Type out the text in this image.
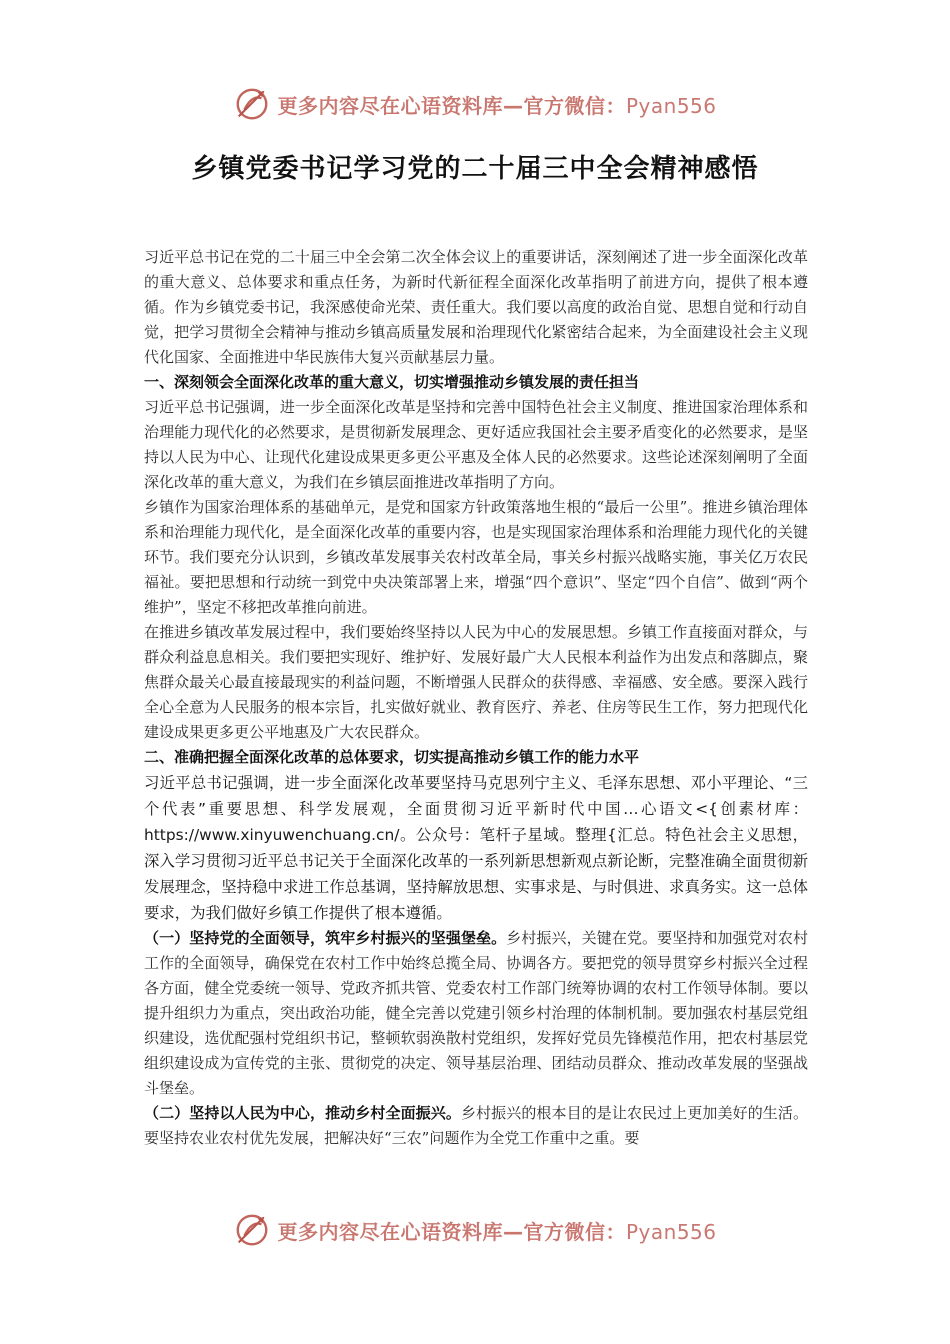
更多内容尽在心语资料库—官方微信：Pyan556
乡镇党委书记学习党的二十届三中全会精神感悟

习近平总书记在党的二十届三中全会第二次全体会议上的重要讲话，深刻阐述了进一步全面深化改革的重大意义、总体要求和重点任务，为新时代新征程全面深化改革指明了前进方向，提供了根本遵循。作为乡镇党委书记，我深感使命光荣、责任重大。我们要以高度的政治自觉、思想自觉和行动自觉，把学习贯彻全会精神与推动乡镇高质量发展和治理现代化紧密结合起来，为全面建设社会主义现代化国家、全面推进中华民族伟大复兴贡献基层力量。

一、深刻领会全面深化改革的重大意义，切实增强推动乡镇发展的责任担当

习近平总书记强调，进一步全面深化改革是坚持和完善中国特色社会主义制度、推进国家治理体系和治理能力现代化的必然要求，是贯彻新发展理念、更好适应我国社会主要矛盾变化的必然要求，是坚持以人民为中心、让现代化建设成果更多更公平惠及全体人民的必然要求。这些论述深刻阐明了全面深化改革的重大意义，为我们在乡镇层面推进改革指明了方向。

乡镇作为国家治理体系的基础单元，是党和国家方针政策落地生根的“最后一公里”。推进乡镇治理体系和治理能力现代化，是全面深化改革的重要内容，也是实现国家治理体系和治理能力现代化的关键环节。我们要充分认识到，乡镇改革发展事关农村改革全局，事关乡村振兴战略实施，事关亿万农民福祉。要把思想和行动统一到党中央决策部署上来，增强“四个意识”、坚定“四个自信”、做到“两个维护”，坚定不移把改革推向前进。

在推进乡镇改革发展过程中，我们要始终坚持以人民为中心的发展思想。乡镇工作直接面对群众，与群众利益息息相关。我们要把实现好、维护好、发展好最广大人民根本利益作为出发点和落脚点，聚焦群众最关心最直接最现实的利益问题，不断增强人民群众的获得感、幸福感、安全感。要深入践行全心全意为人民服务的根本宗旨，扎实做好就业、教育医疗、养老、住房等民生工作，努力把现代化建设成果更多更公平地惠及广大农民群众。

二、准确把握全面深化改革的总体要求，切实提高推动乡镇工作的能力水平

习近平总书记强调，进一步全面深化改革要坚持马克思列宁主义、毛泽东思想、邓小平理论、“三个代表”重要思想、科学发展观，全面贯彻习近平新时代中国…心语文<{创素材库：https://www.xinyuwenchuang.cn/。公众号：笔杆子星域。整理{汇总。特色社会主义思想，深入学习贯彻习近平总书记关于全面深化改革的一系列新思想新观点新论断，完整准确全面贯彻新发展理念，坚持稳中求进工作总基调，坚持解放思想、实事求是、与时俱进、求真务实。这一总体要求，为我们做好乡镇工作提供了根本遵循。

（一）坚持党的全面领导，筑牢乡村振兴的坚强堡垒。乡村振兴，关键在党。要坚持和加强党对农村工作的全面领导，确保党在农村工作中始终总揽全局、协调各方。要把党的领导贯穿乡村振兴全过程各方面，健全党委统一领导、党政齐抓共管、党委农村工作部门统筹协调的农村工作领导体制。要以提升组织力为重点，突出政治功能，健全完善以党建引领乡村治理的体制机制。要加强农村基层党组织建设，选优配强村党组织书记，整顿软弱涣散村党组织，发挥好党员先锋模范作用，把农村基层党组织建设成为宣传党的主张、贯彻党的决定、领导基层治理、团结动员群众、推动改革发展的坚强战斗堡垒。

（二）坚持以人民为中心，推动乡村全面振兴。乡村振兴的根本目的是让农民过上更加美好的生活。要坚持农业农村优先发展，把解决好“三农”问题作为全党工作重中之重。要

更多内容尽在心语资料库—官方微信：Pyan556
